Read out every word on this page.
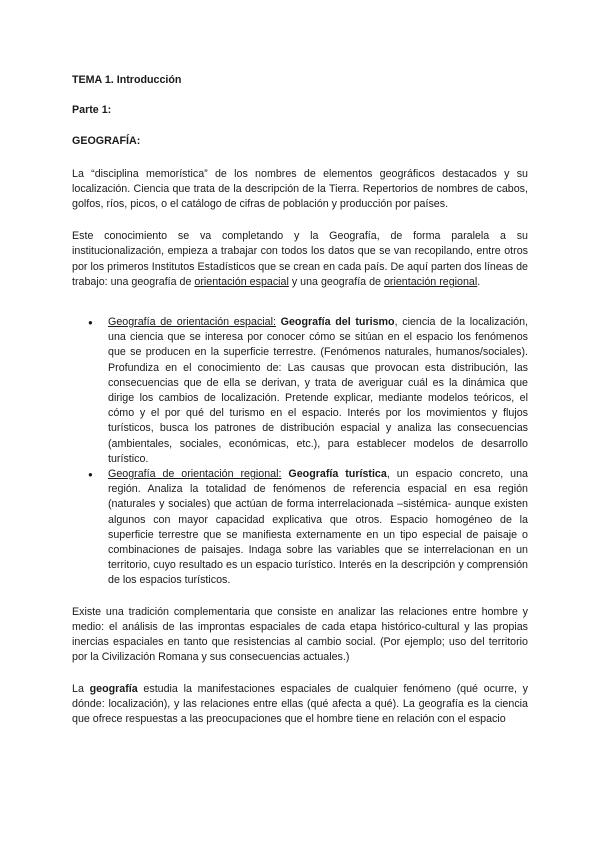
TEMA 1. Introducción

Parte 1:

GEOGRAFÍA:

La “disciplina memorística” de los nombres de elementos geográficos destacados y su localización. Ciencia que trata de la descripción de la Tierra. Repertorios de nombres de cabos, golfos, ríos, picos, o el catálogo de cifras de población y producción por países.

Este conocimiento se va completando y la Geografía, de forma paralela a su institucionalización, empieza a trabajar con todos los datos que se van recopilando, entre otros por los primeros Institutos Estadísticos que se crean en cada país. De aquí parten dos líneas de trabajo: una geografía de orientación espacial y una geografía de orientación regional.

● Geografía de orientación espacial: Geografía del turismo, ciencia de la localización, una ciencia que se interesa por conocer cómo se sitúan en el espacio los fenómenos que se producen en la superficie terrestre. (Fenómenos naturales, humanos/sociales). Profundiza en el conocimiento de: Las causas que provocan esta distribución, las consecuencias que de ella se derivan, y trata de averiguar cuál es la dinámica que dirige los cambios de localización. Pretende explicar, mediante modelos teóricos, el cómo y el por qué del turismo en el espacio. Interés por los movimientos y flujos turísticos, busca los patrones de distribución espacial y analiza las consecuencias (ambientales, sociales, económicas, etc.), para establecer modelos de desarrollo turístico.
● Geografía de orientación regional: Geografía turística, un espacio concreto, una región. Analiza la totalidad de fenómenos de referencia espacial en esa región (naturales y sociales) que actúan de forma interrelacionada –sistémica- aunque existen algunos con mayor capacidad explicativa que otros. Espacio homogéneo de la superficie terrestre que se manifiesta externamente en un tipo especial de paisaje o combinaciones de paisajes. Indaga sobre las variables que se interrelacionan en un territorio, cuyo resultado es un espacio turístico. Interés en la descripción y comprensión de los espacios turísticos.

Existe una tradición complementaria que consiste en analizar las relaciones entre hombre y medio: el análisis de las improntas espaciales de cada etapa histórico-cultural y las propias inercias espaciales en tanto que resistencias al cambio social. (Por ejemplo; uso del territorio por la Civilización Romana y sus consecuencias actuales.)

La geografía estudia la manifestaciones espaciales de cualquier fenómeno (qué ocurre, y dónde: localización), y las relaciones entre ellas (qué afecta a qué). La geografía es la ciencia que ofrece respuestas a las preocupaciones que el hombre tiene en relación con el espacio
